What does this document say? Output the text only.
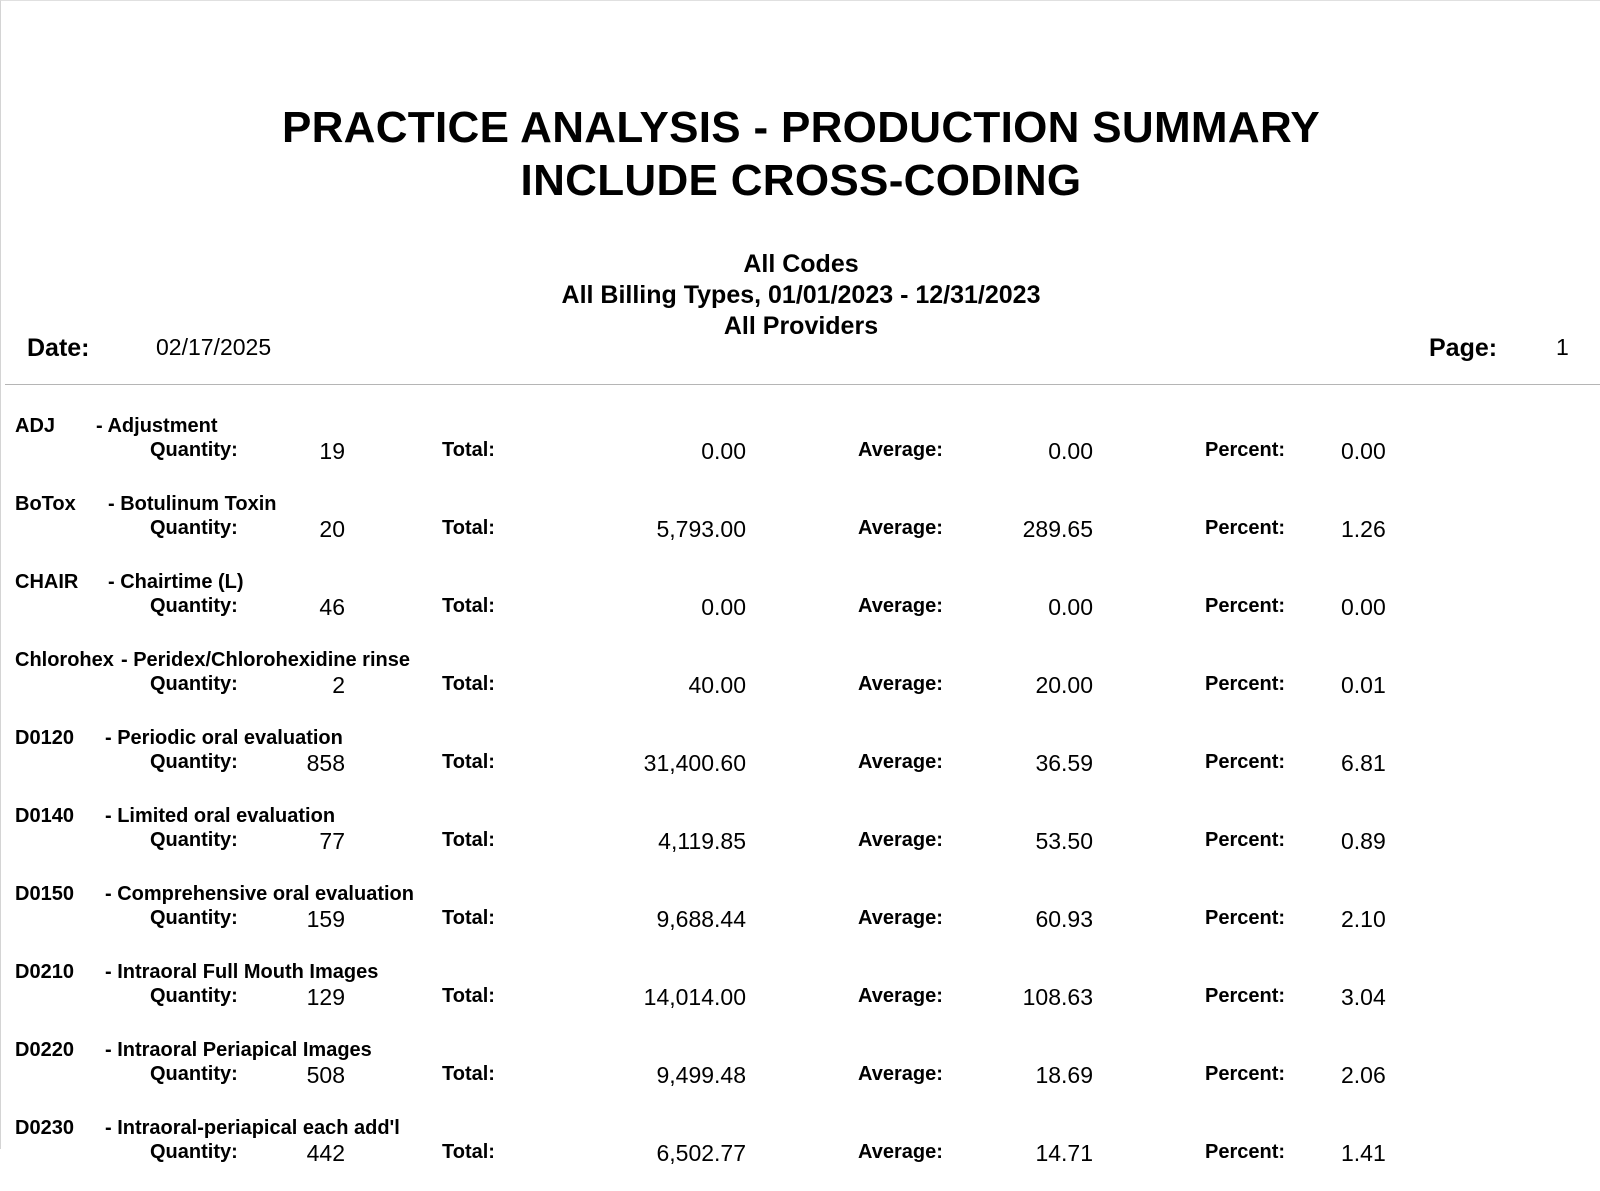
PRACTICE ANALYSIS - PRODUCTION SUMMARY
INCLUDE CROSS-CODING
All Codes
All Billing Types, 01/01/2023 - 12/31/2023
All Providers
Date:	02/17/2025	Page:	1
ADJ - Adjustment
Quantity:	19	Total:	0.00	Average:	0.00	Percent: 0.00
BoTox - Botulinum Toxin
Quantity:	20	Total:	5,793.00	Average:	289.65	Percent: 1.26
CHAIR - Chairtime (L)
Quantity:	46	Total:	0.00	Average:	0.00	Percent: 0.00
Chlorohex - Peridex/Chlorohexidine rinse
Quantity:	2	Total:	40.00	Average:	20.00	Percent: 0.01
D0120 - Periodic oral evaluation
Quantity:	858	Total:	31,400.60	Average:	36.59	Percent: 6.81
D0140 - Limited oral evaluation
Quantity:	77	Total:	4,119.85	Average:	53.50	Percent: 0.89
D0150 - Comprehensive oral evaluation
Quantity:	159	Total:	9,688.44	Average:	60.93	Percent: 2.10
D0210 - Intraoral Full Mouth Images
Quantity:	129	Total:	14,014.00	Average:	108.63	Percent: 3.04
D0220 - Intraoral Periapical Images
Quantity:	508	Total:	9,499.48	Average:	18.69	Percent: 2.06
D0230 - Intraoral-periapical each add'l
Quantity:	442	Total:	6,502.77	Average:	14.71	Percent: 1.41
